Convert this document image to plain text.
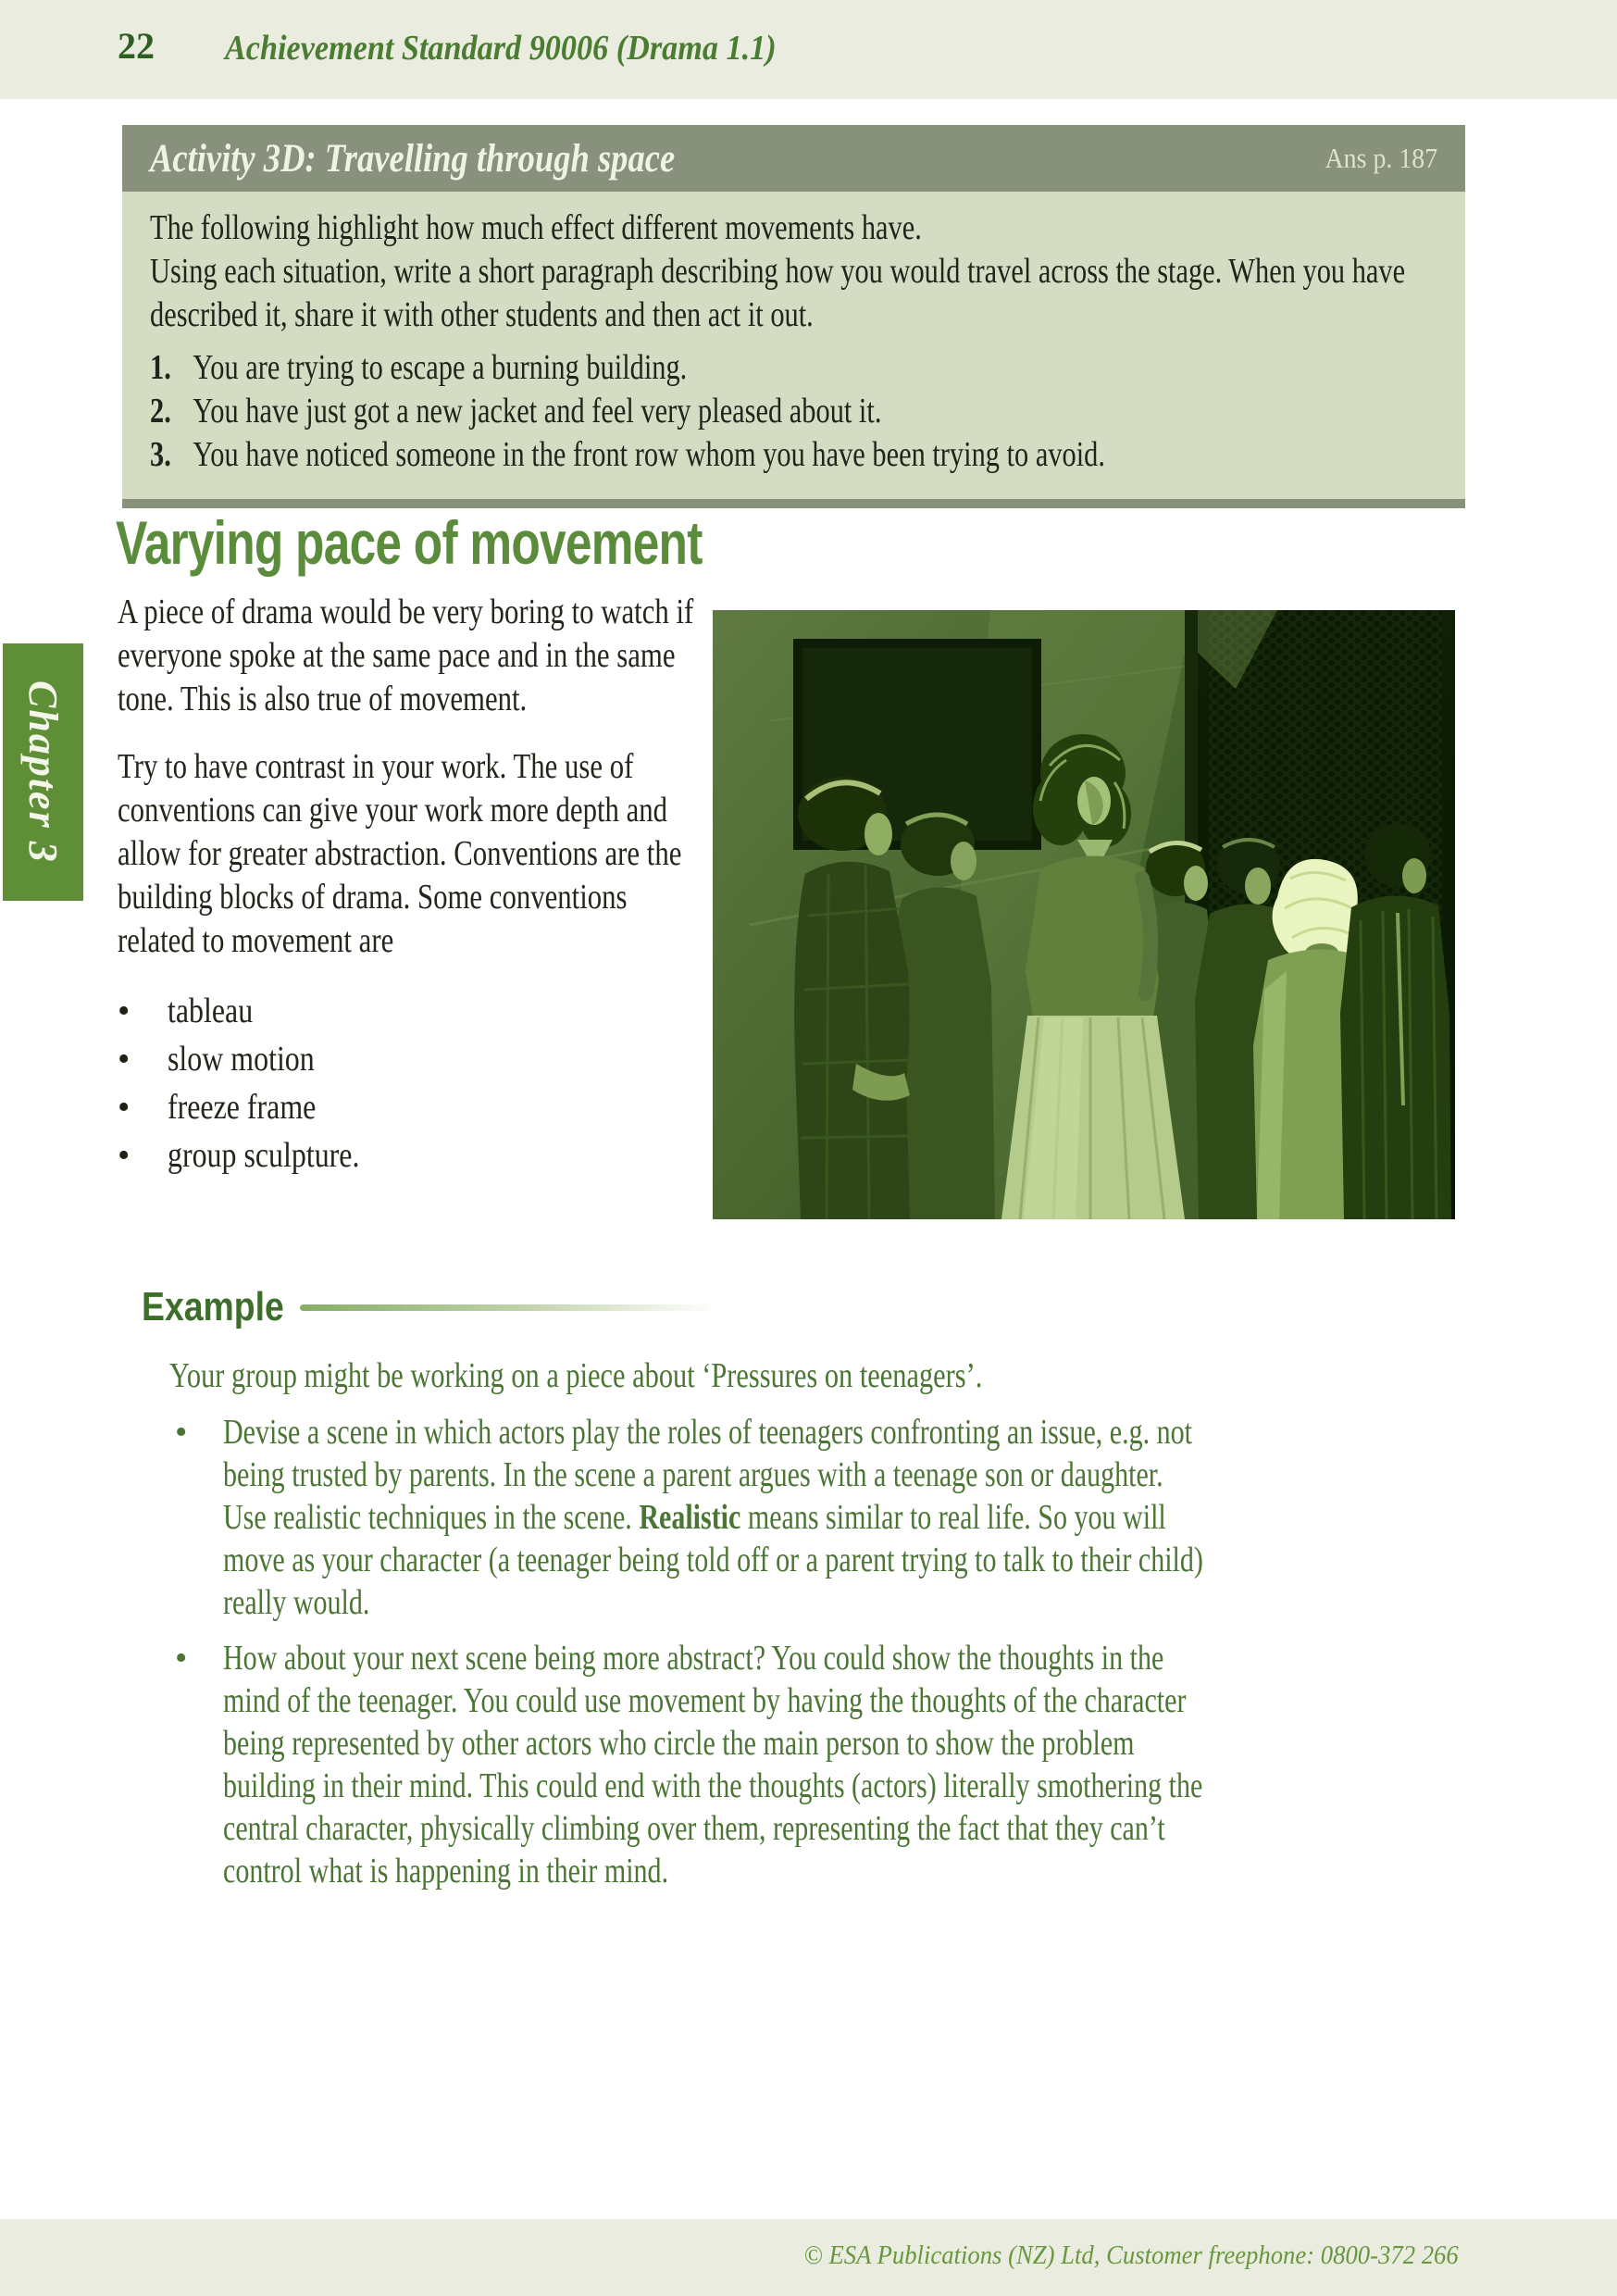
22 Achievement Standard 90006 (Drama 1.1)
Activity 3D: Travelling through space	Ans p. 187

The following highlight how much effect different movements have.

Using each situation, write a short paragraph describing how you would travel across the stage. When you have described it, share it with other students and then act it out.

1. You are trying to escape a burning building.
2. You have just got a new jacket and feel very pleased about it.
3. You have noticed someone in the front row whom you have been trying to avoid.
Chapter 3
Varying pace of movement

A piece of drama would be very boring to watch if everyone spoke at the same pace and in the same tone. This is also true of movement.

Try to have contrast in your work. The use of conventions can give your work more depth and allow for greater abstraction. Conventions are the building blocks of drama. Some conventions related to movement are

•	tableau
•	slow motion
•	freeze frame
•	group sculpture.
Example

Your group might be working on a piece about ‘Pressures on teenagers’.

•	Devise a scene in which actors play the roles of teenagers confronting an issue, e.g. not being trusted by parents. In the scene a parent argues with a teenage son or daughter. Use realistic techniques in the scene. Realistic means similar to real life. So you will move as your character (a teenager being told off or a parent trying to talk to their child) really would.

•	How about your next scene being more abstract? You could show the thoughts in the mind of the teenager. You could use movement by having the thoughts of the character being represented by other actors who circle the main person to show the problem building in their mind. This could end with the thoughts (actors) literally smothering the central character, physically climbing over them, representing the fact that they can’t control what is happening in their mind.

© ESA Publications (NZ) Ltd, Customer freephone: 0800-372 266
